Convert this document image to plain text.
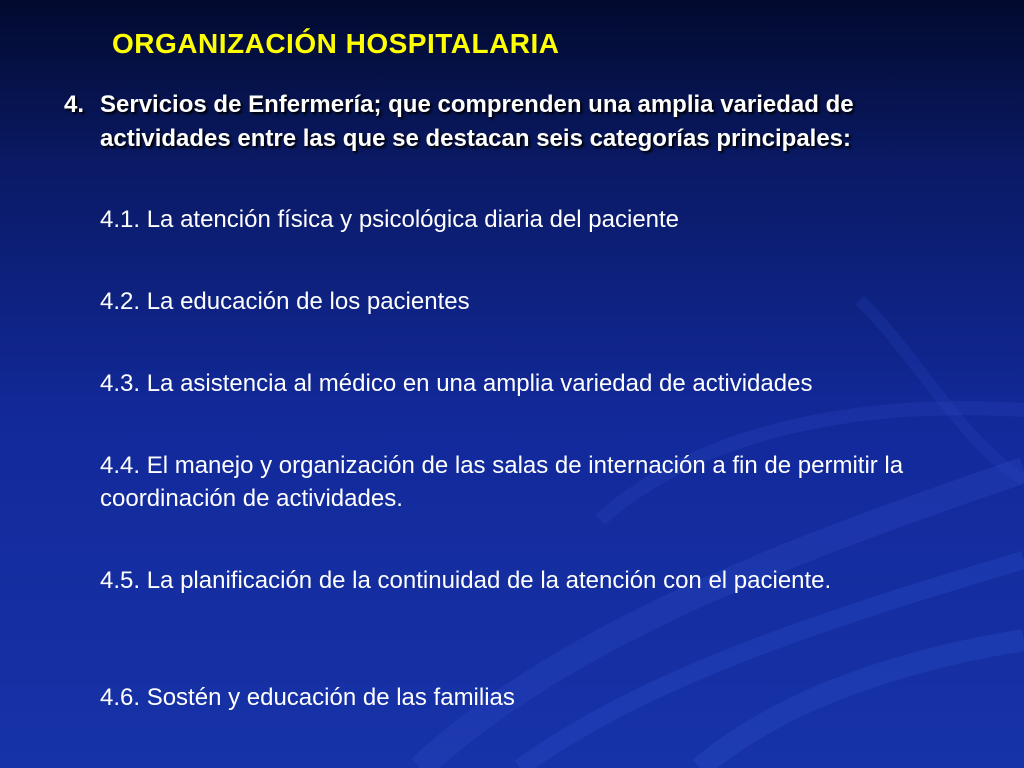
ORGANIZACIÓN HOSPITALARIA
4. Servicios de Enfermería; que comprenden una amplia variedad de actividades entre las que se destacan seis categorías principales:

4.1. La atención física y psicológica diaria del paciente

4.2. La educación de los pacientes

4.3. La asistencia al médico en una amplia variedad de actividades

4.4. El manejo y organización de las salas de internación a fin de permitir la coordinación de actividades.

4.5. La planificación de la continuidad de la atención con el paciente.

4.6. Sostén y educación de las familias
